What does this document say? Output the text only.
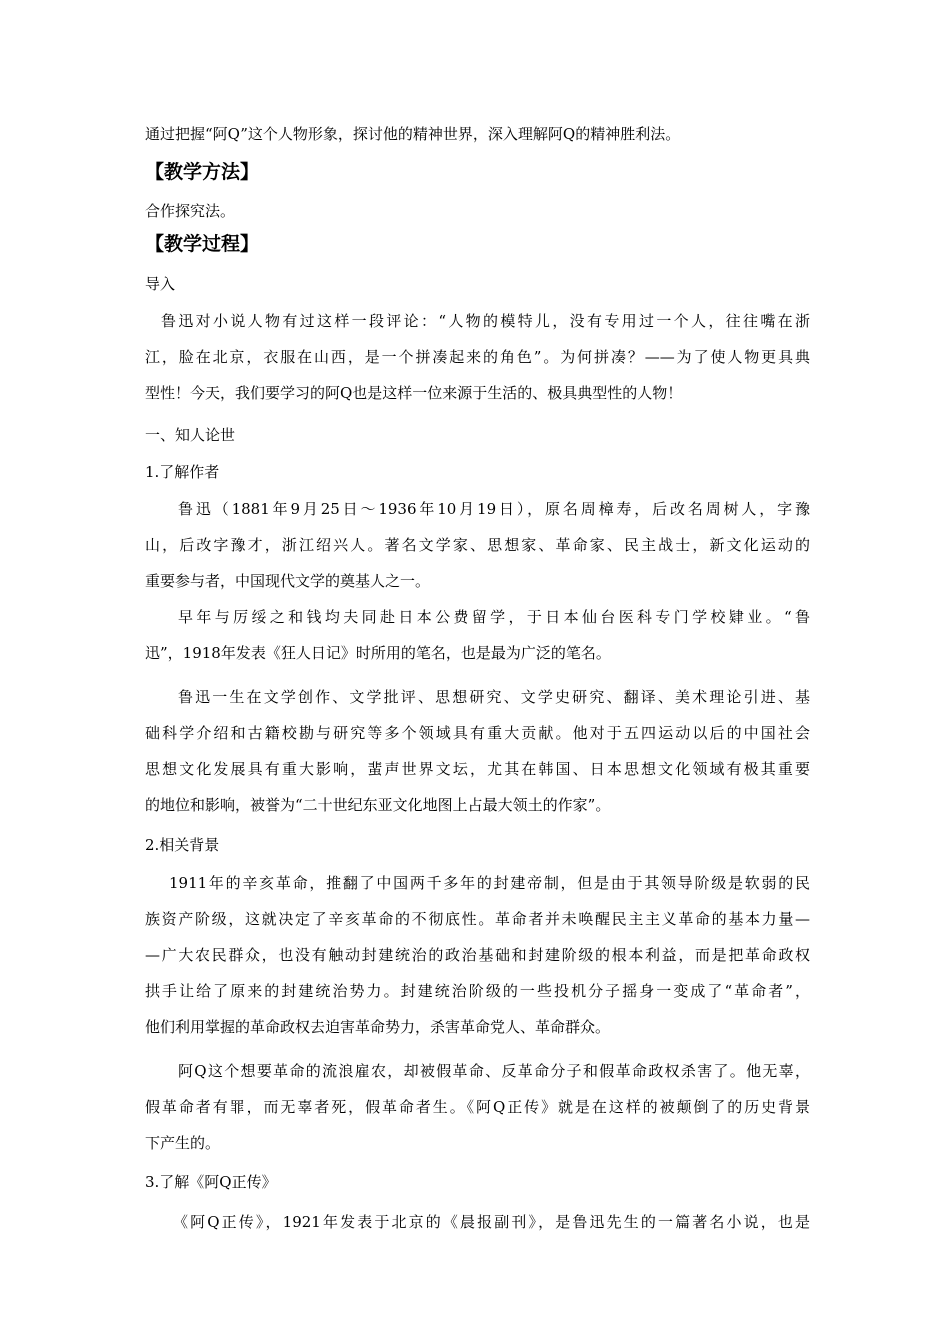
通过把握“阿Q”这个人物形象，探讨他的精神世界，深入理解阿Q的精神胜利法。
【教学方法】
合作探究法。
【教学过程】
导入
鲁迅对小说人物有过这样一段评论：“人物的模特儿，没有专用过一个人，往往嘴在浙
江，脸在北京，衣服在山西，是一个拼凑起来的角色”。为何拼凑？——为了使人物更具典
型性！今天，我们要学习的阿Q也是这样一位来源于生活的、极具典型性的人物！
一、知人论世
1.了解作者
鲁迅（1881年9月25日～1936年10月19日），原名周樟寿，后改名周树人，字豫
山，后改字豫才，浙江绍兴人。著名文学家、思想家、革命家、民主战士，新文化运动的
重要参与者，中国现代文学的奠基人之一。
早年与厉绥之和钱均夫同赴日本公费留学，于日本仙台医科专门学校肄业。“鲁
迅”，1918年发表《狂人日记》时所用的笔名，也是最为广泛的笔名。
鲁迅一生在文学创作、文学批评、思想研究、文学史研究、翻译、美术理论引进、基
础科学介绍和古籍校勘与研究等多个领域具有重大贡献。他对于五四运动以后的中国社会
思想文化发展具有重大影响，蜚声世界文坛，尤其在韩国、日本思想文化领域有极其重要
的地位和影响，被誉为“二十世纪东亚文化地图上占最大领土的作家”。
2.相关背景
1911年的辛亥革命，推翻了中国两千多年的封建帝制，但是由于其领导阶级是软弱的民
族资产阶级，这就决定了辛亥革命的不彻底性。革命者并未唤醒民主主义革命的基本力量—
—广大农民群众，也没有触动封建统治的政治基础和封建阶级的根本利益，而是把革命政权
拱手让给了原来的封建统治势力。封建统治阶级的一些投机分子摇身一变成了“革命者”，
他们利用掌握的革命政权去迫害革命势力，杀害革命党人、革命群众。
阿Q这个想要革命的流浪雇农，却被假革命、反革命分子和假革命政权杀害了。他无辜，
假革命者有罪，而无辜者死，假革命者生。《阿Q正传》就是在这样的被颠倒了的历史背景
下产生的。
3.了解《阿Q正传》
《阿Q正传》，1921年发表于北京的《晨报副刊》，是鲁迅先生的一篇著名小说，也是
